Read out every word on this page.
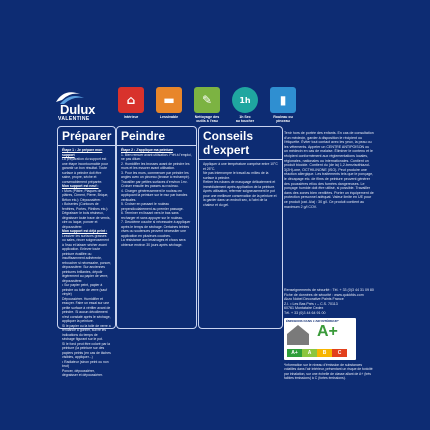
Dulux
VALENTINE
⌂
Intérieur
▬
Lessivable
✎
Nettoyage des outils à l'eau
1h
1h Sec
au toucher
▮
Rouleau ou
pinceau
Préparer

Étape 1 : Je prépare mon support

La préparation du support est une étape incontournable pour garantir un bon résultat. Toute surface à peindre doit être saine, propre, sèche et convenablement préparée.

Mon support est neuf :

• Murs (Plâtre, Plaques de plâtres, Ciment, Pierre, Brique, Béton etc.): Dépoussiérer.
• Boiseries (Contours de fenêtres, Portes, Plinthes etc.): Dégraisser le bois résineux, dégraisser toute trace de vernis, cire ou laque, poncer et dépoussiérer.

Mon support est déjà peint :

Lessiver les surfaces grasses ou sales, rincer soigneusement à l'eau et laisser sécher avant application. Enlever toute peinture écaillée ou insuffisamment adhérente, reboucher si nécessaire, poncer, dépoussiérer. Sur anciennes peintures brillantes, dépolir légèrement au papier de verre, dépoussiérer.
• Sur papier peint, papier à peindre ou toile de verre (sauf vinyle)
Dépoussiérer. Humidifier et essuyer. Faire un essai sur une petite surface à vérifier avant de peindre. Si aucun décollement n'est constaté après le séchage, appliquer la peinture.
Si le papier ou la toile de verre a tendance à gonfler, suivre les indications du temps de séchage figurant sur le pot.
Si le fond peut être coloré par la peinture (la peinture sur des papiers peints (en cas de tâches visibles, appliquer...)
• Radiateur (sinon peint ou non brut)
Poncer, dépoussiérer, dégraisser et dépoussiérer.

Peindre

Étape 2 : J'applique ma peinture

1. Bien remuer avant utilisation. Prêt à l'emploi, ne pas diluer.
2. Humidifier les brosses avant de peindre les murs et les essorer avant utilisation.
3. Pour les murs, commencer par peindre les angles avec un pinceau (brosse à rechampir). Travailler par petites surfaces d'environ 1m². Croiser ensuite les passes au rouleau.
4. Charger généreusement le rouleau en appliquant la peinture sur le mur par bandes verticales.
5. Croiser en passant le rouleau perpendiculairement au premier passage.
6. Terminer en lissant vers le bas sans recharger et sans appuyer sur le rouleau.
7. Deuxième couche si nécessaire à appliquer après le temps de séchage. Certaines teintes vives ou soutenues peuvent nécessiter une application en plusieurs couches.

La résistance aux lessivages et chocs sera obtenue environ 30 jours après séchage.

Conseils d'expert

Appliquer à une température comprise entre 10°C et 25°C.
Ne pas interrompre le travail au milieu de la surface à peindre.
Retirer les rubans de masquage délicatement et immédiatement après application de la peinture.
Après utilisation, refermer soigneusement le pot pour une meilleure conservation de la peinture et la garder dans un endroit sec, à l'abri de la chaleur et du gel.

Tenir hors de portée des enfants. En cas de consultation d'un médecin, garder à disposition le récipient ou l'étiquette. Éviter tout contact avec les yeux, la peau ou les vêtements. Appeler un CENTRE ANTIPOISON ou un médecin en cas de malaise. Éliminer le contenu et le récipient conformément aux réglementations locales, régionales, nationales ou internationales. Contient un produit biocide. Contient du (de la) 1,2-benzisothiazol-3(2H)-one, OCTHILINONE (ISO). Peut produire une réaction allergique. Les traitements tels que le ponçage, le décapage etc. de films de peinture peuvent générer des poussières et/ou des fumées dangereuses. Le ponçage humide doit être utilisé, si possible. Travailler dans des zones bien ventilées. Porter un équipement de protection personnel adéquat. Valeur limite en UE pour ce produit (cat. A/a) : 30 g/l. Ce produit contient au maximum 2 g/l COV.
Renseignements de sécurité : Tél. + 33 (0)3 44 31 09 80
Fiche de données de sécurité : www.quickfds.com
Akzo Nobel Decorative Paints France
Z.I. • Les Bas Prés • – C.S. 70113
60761 Montataire Cedex
Tél. + 33 (0)3 44 64 91 00
ÉMISSIONS DANS L'AIR INTÉRIEUR*
A+
A+	A	B	C
*Information sur le niveau d'émission de substances volatiles dans l'air intérieur, présentant un risque de toxicité par inhalation, sur une échelle de classe allant de A+ (très faibles émissions) à C (fortes émissions).
